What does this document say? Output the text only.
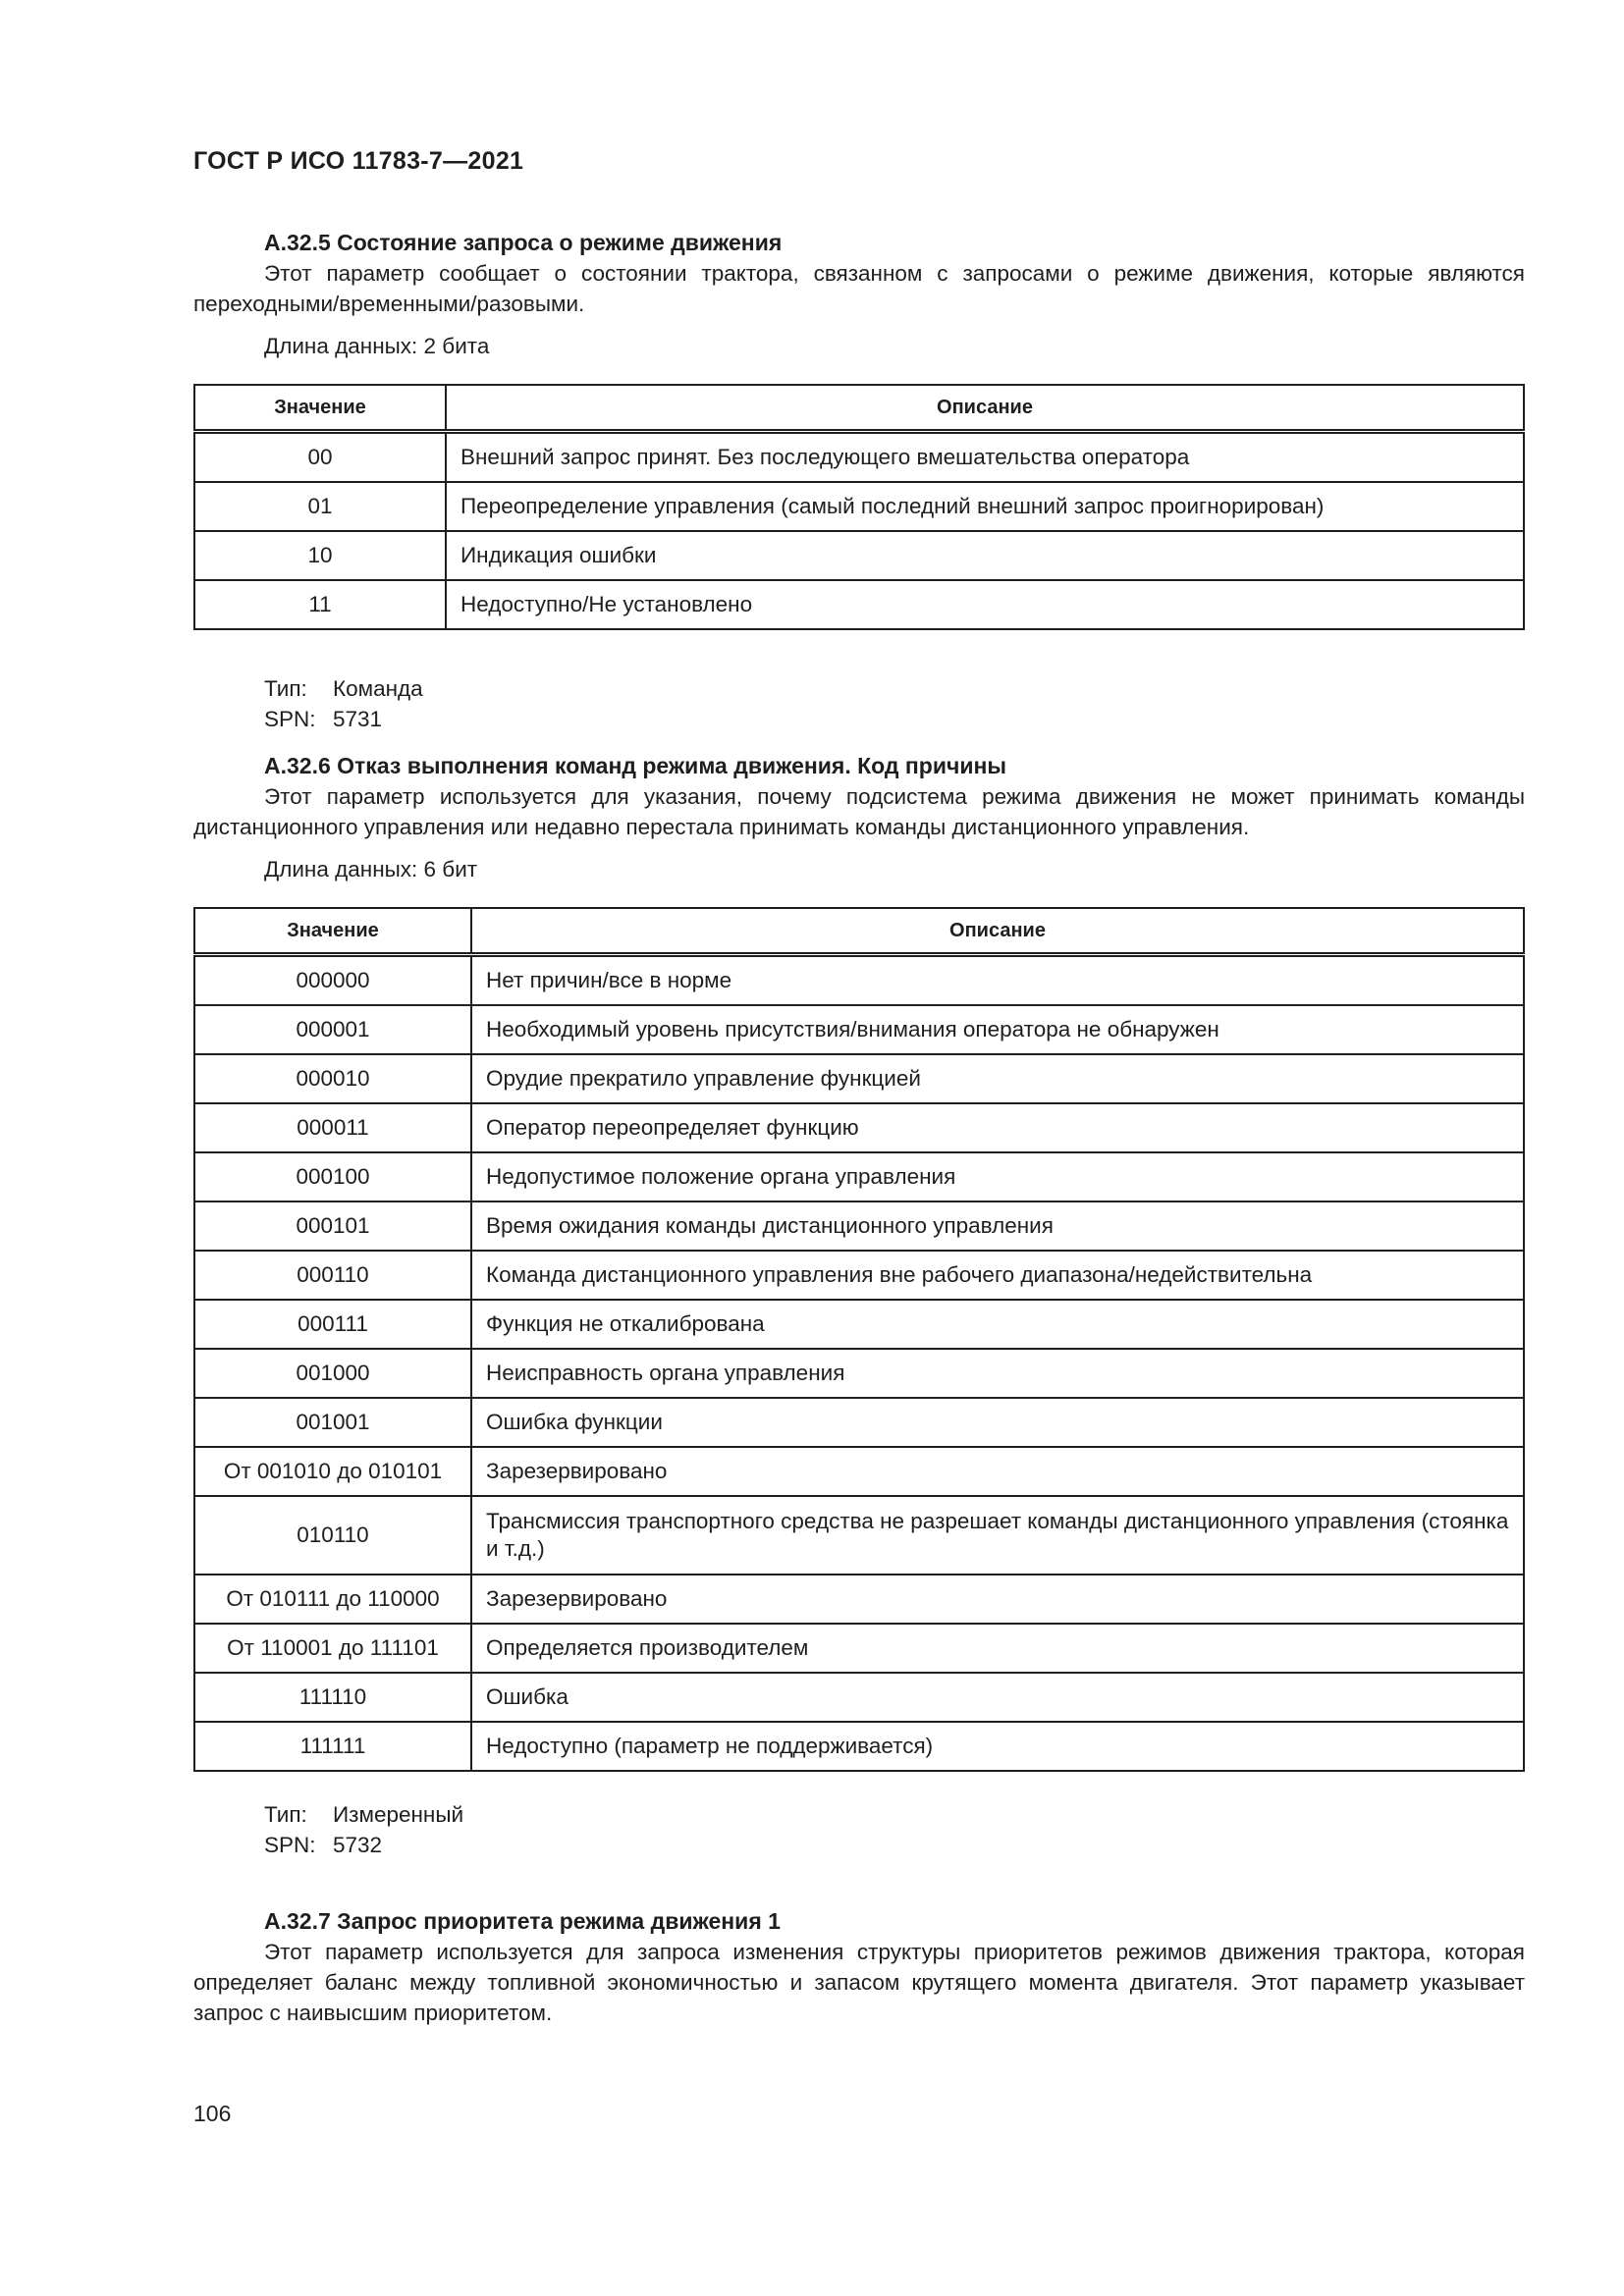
ГОСТ Р ИСО 11783-7—2021
A.32.5 Состояние запроса о режиме движения

Этот параметр сообщает о состоянии трактора, связанном с запросами о режиме движения, которые являются переходными/временными/разовыми.

Длина данных: 2 бита
Значение	Описание
00	Внешний запрос принят. Без последующего вмешательства оператора
01	Переопределение управления (самый последний внешний запрос проигнорирован)
10	Индикация ошибки
11	Недоступно/Не установлено
Тип: Команда
SPN: 5731
A.32.6 Отказ выполнения команд режима движения. Код причины

Этот параметр используется для указания, почему подсистема режима движения не может принимать команды дистанционного управления или недавно перестала принимать команды дистанционного управления.

Длина данных: 6 бит
Значение	Описание
000000	Нет причин/все в норме
000001	Необходимый уровень присутствия/внимания оператора не обнаружен
000010	Орудие прекратило управление функцией
000011	Оператор переопределяет функцию
000100	Недопустимое положение органа управления
000101	Время ожидания команды дистанционного управления
000110	Команда дистанционного управления вне рабочего диапазона/недействительна
000111	Функция не откалибрована
001000	Неисправность органа управления
001001	Ошибка функции
От 001010 до 010101	Зарезервировано
010110	Трансмиссия транспортного средства не разрешает команды дистанционного управления (стоянка и т.д.)
От 010111 до 110000	Зарезервировано
От 110001 до 111101	Определяется производителем
111110	Ошибка
111111	Недоступно (параметр не поддерживается)
Тип: Измеренный
SPN: 5732
A.32.7 Запрос приоритета режима движения 1

Этот параметр используется для запроса изменения структуры приоритетов режимов движения трактора, которая определяет баланс между топливной экономичностью и запасом крутящего момента двигателя. Этот параметр указывает запрос с наивысшим приоритетом.

106
